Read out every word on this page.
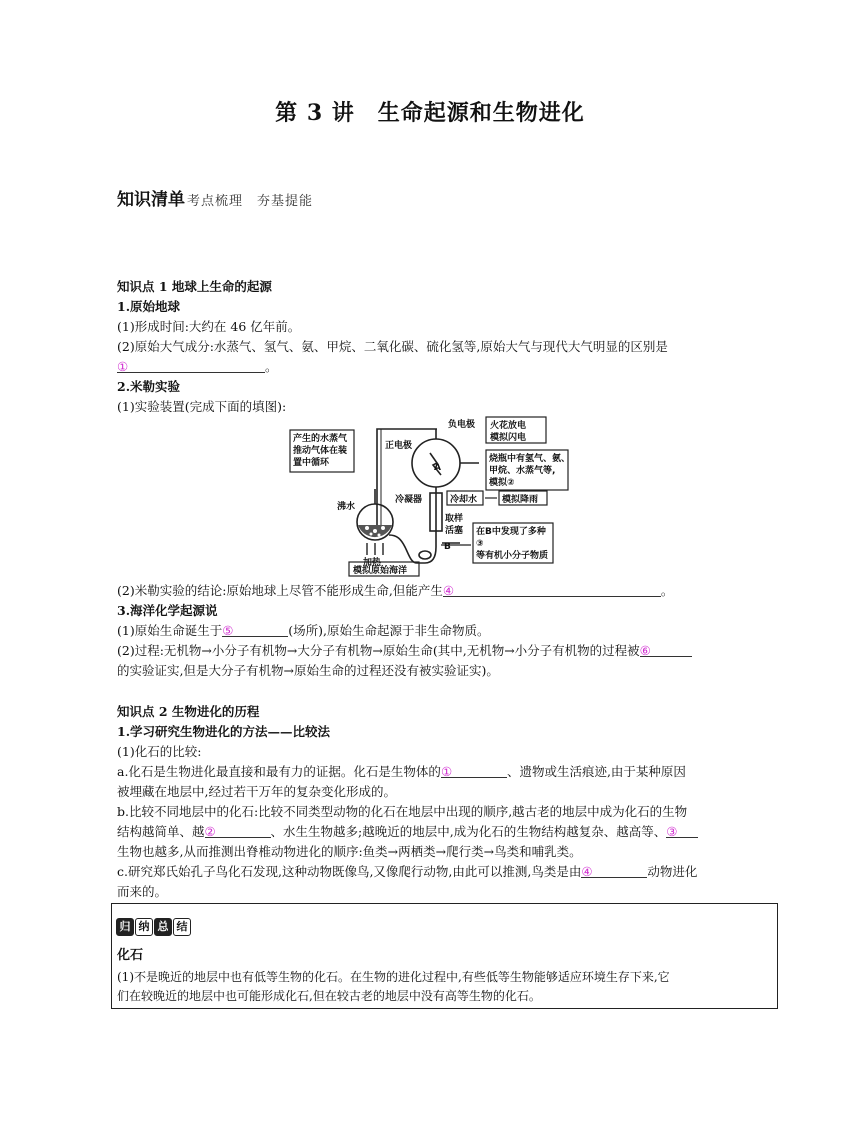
第 3 讲　生命起源和生物进化
知识清单 考点梳理　夯基提能
知识点 1 地球上生命的起源
1.原始地球
(1)形成时间:大约在 46 亿年前。
(2)原始大气成分:水蒸气、氢气、氨、甲烷、二氧化碳、硫化氢等,原始大气与现代大气明显的区别是
①	。
2.米勒实验
(1)实验装置(完成下面的填图):
产生的水蒸气
推动气体在装
置中循环
正电极
负电极
A
火花放电
模拟闪电
烧瓶中有氢气、氨、
甲烷、水蒸气等,
模拟②
冷凝器	冷却水	模拟降雨
沸水
取样
活塞
B
在B中发现了多种
③
等有机小分子物质
加热
模拟原始海洋
(2)米勒实验的结论:原始地球上尽管不能形成生命,但能产生④	。
3.海洋化学起源说
(1)原始生命诞生于⑤	(场所),原始生命起源于非生命物质。
(2)过程:无机物→小分子有机物→大分子有机物→原始生命(其中,无机物→小分子有机物的过程被⑥
的实验证实,但是大分子有机物→原始生命的过程还没有被实验证实)。
知识点 2 生物进化的历程
1.学习研究生物进化的方法——比较法
(1)化石的比较:
a.化石是生物进化最直接和最有力的证据。化石是生物体的①	、遗物或生活痕迹,由于某种原因
被埋藏在地层中,经过若干万年的复杂变化形成的。
b.比较不同地层中的化石:比较不同类型动物的化石在地层中出现的顺序,越古老的地层中成为化石的生物
结构越简单、越②	、水生生物越多;越晚近的地层中,成为化石的生物结构越复杂、越高等、③
生物也越多,从而推测出脊椎动物进化的顺序:鱼类→两栖类→爬行类→鸟类和哺乳类。
c.研究郑氏始孔子鸟化石发现,这种动物既像鸟,又像爬行动物,由此可以推测,鸟类是由④	动物进化
而来的。
归 纳 总 结
化石
(1)不是晚近的地层中也有低等生物的化石。在生物的进化过程中,有些低等生物能够适应环境生存下来,它
们在较晚近的地层中也可能形成化石,但在较古老的地层中没有高等生物的化石。
